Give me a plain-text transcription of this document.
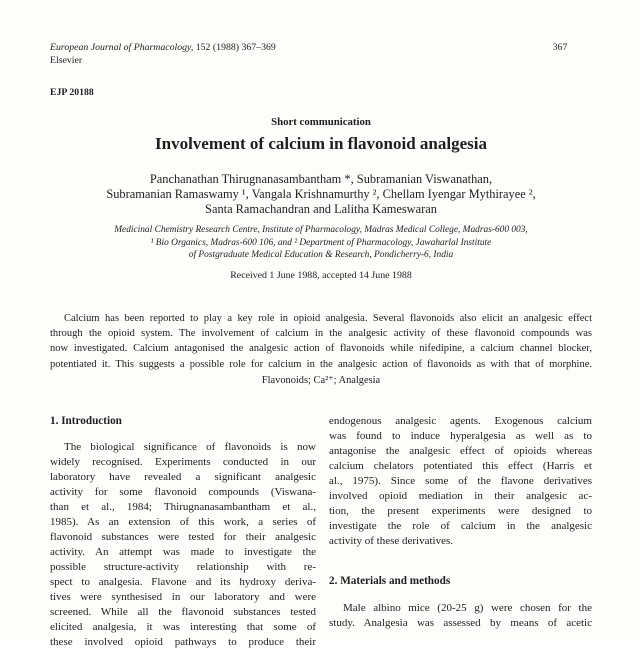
European Journal of Pharmacology, 152 (1988) 367–369	367
Elsevier
EJP 20188
Short communication
Involvement of calcium in flavonoid analgesia
Panchanathan Thirugnanasambantham *, Subramanian Viswanathan,
Subramanian Ramaswamy ¹, Vangala Krishnamurthy ², Chellam Iyengar Mythirayee ²,
Santa Ramachandran and Lalitha Kameswaran
Medicinal Chemistry Research Centre, Institute of Pharmacology, Madras Medical College, Madras-600 003,
¹ Bio Organics, Madras-600 106, and ² Department of Pharmacology, Jawaharlal Institute
of Postgraduate Medical Education & Research, Pondicherry-6, India
Received 1 June 1988, accepted 14 June 1988
Calcium has been reported to play a key role in opioid analgesia. Several flavonoids also elicit an analgesic effect
through the opioid system. The involvement of calcium in the analgesic activity of these flavonoid compounds was
now investigated. Calcium antagonised the analgesic action of flavonoids while nifedipine, a calcium channel blocker,
potentiated it. This suggests a possible role for calcium in the analgesic action of flavonoids as with that of morphine.
Flavonoids; Ca²⁺; Analgesia
1. Introduction
The biological significance of flavonoids is now
widely recognised. Experiments conducted in our
laboratory have revealed a significant analgesic
activity for some flavonoid compounds (Viswana-
than et al., 1984; Thirugnanasambantham et al.,
1985). As an extension of this work, a series of
flavonoid substances were tested for their analgesic
activity. An attempt was made to investigate the
possible structure-activity relationship with re-
spect to analgesia. Flavone and its hydroxy deriva-
tives were synthesised in our laboratory and were
screened. While all the flavonoid substances tested
elicited analgesia, it was interesting that some of
these involved opioid pathways to produce their
endogenous analgesic agents. Exogenous calcium
was found to induce hyperalgesia as well as to
antagonise the analgesic effect of opioids whereas
calcium chelators potentiated this effect (Harris et
al., 1975). Since some of the flavone derivatives
involved opioid mediation in their analgesic ac-
tion, the present experiments were designed to
investigate the role of calcium in the analgesic
activity of these derivatives.
2. Materials and methods
Male albino mice (20-25 g) were chosen for the
study. Analgesia was assessed by means of acetic
